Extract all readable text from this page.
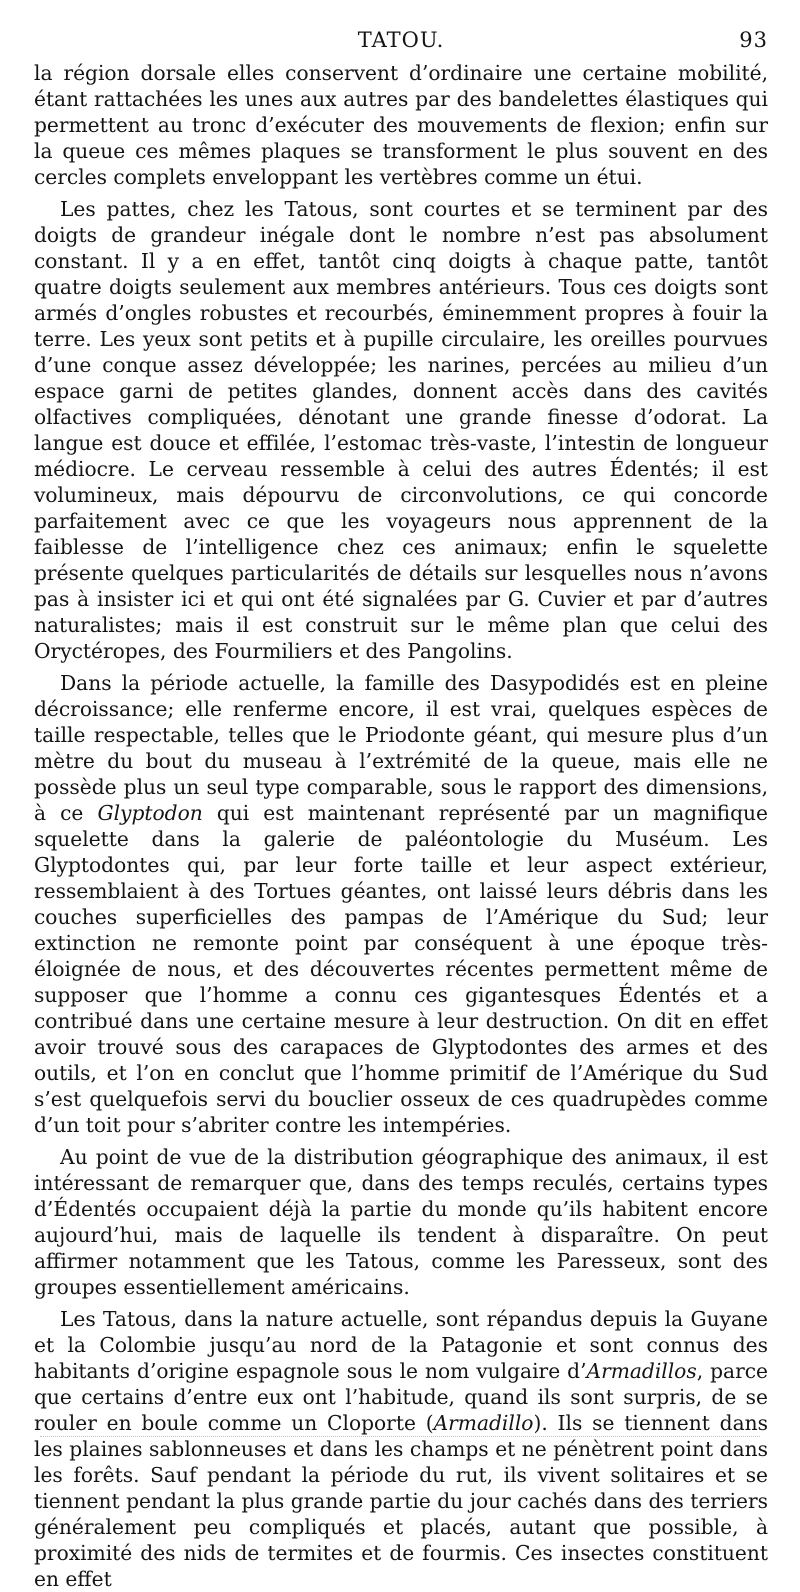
TATOU.	93

la région dorsale elles conservent d’ordinaire une certaine mobilité, étant rattachées les unes aux autres par des bandelettes élastiques qui permettent au tronc d’exécuter des mouvements de flexion; enfin sur la queue ces mêmes plaques se transforment le plus souvent en des cercles complets enveloppant les vertèbres comme un étui.

Les pattes, chez les Tatous, sont courtes et se terminent par des doigts de grandeur inégale dont le nombre n’est pas absolument constant. Il y a en effet, tantôt cinq doigts à chaque patte, tantôt quatre doigts seulement aux membres antérieurs. Tous ces doigts sont armés d’ongles robustes et recourbés, éminemment propres à fouir la terre. Les yeux sont petits et à pupille circulaire, les oreilles pourvues d’une conque assez développée; les narines, percées au milieu d’un espace garni de petites glandes, donnent accès dans des cavités olfactives compliquées, dénotant une grande finesse d’odorat. La langue est douce et effilée, l’estomac très-vaste, l’intestin de longueur médiocre. Le cerveau ressemble à celui des autres Édentés; il est volumineux, mais dépourvu de circonvolutions, ce qui concorde parfaitement avec ce que les voyageurs nous apprennent de la faiblesse de l’intelligence chez ces animaux; enfin le squelette présente quelques particularités de détails sur lesquelles nous n’avons pas à insister ici et qui ont été signalées par G. Cuvier et par d’autres naturalistes; mais il est construit sur le même plan que celui des Oryctéropes, des Fourmiliers et des Pangolins.

Dans la période actuelle, la famille des Dasypodidés est en pleine décroissance; elle renferme encore, il est vrai, quelques espèces de taille respectable, telles que le Priodonte géant, qui mesure plus d’un mètre du bout du museau à l’extrémité de la queue, mais elle ne possède plus un seul type comparable, sous le rapport des dimensions, à ce Glyptodon qui est maintenant représenté par un magnifique squelette dans la galerie de paléontologie du Muséum. Les Glyptodontes qui, par leur forte taille et leur aspect extérieur, ressemblaient à des Tortues géantes, ont laissé leurs débris dans les couches superficielles des pampas de l’Amérique du Sud; leur extinction ne remonte point par conséquent à une époque très-éloignée de nous, et des découvertes récentes permettent même de supposer que l’homme a connu ces gigantesques Édentés et a contribué dans une certaine mesure à leur destruction. On dit en effet avoir trouvé sous des carapaces de Glyptodontes des armes et des outils, et l’on en conclut que l’homme primitif de l’Amérique du Sud s’est quelquefois servi du bouclier osseux de ces quadrupèdes comme d’un toit pour s’abriter contre les intempéries.

Au point de vue de la distribution géographique des animaux, il est intéressant de remarquer que, dans des temps reculés, certains types d’Édentés occupaient déjà la partie du monde qu’ils habitent encore aujourd’hui, mais de laquelle ils tendent à disparaître. On peut affirmer notamment que les Tatous, comme les Paresseux, sont des groupes essentiellement américains.

Les Tatous, dans la nature actuelle, sont répandus depuis la Guyane et la Colombie jusqu’au nord de la Patagonie et sont connus des habitants d’origine espagnole sous le nom vulgaire d’Armadillos, parce que certains d’entre eux ont l’habitude, quand ils sont surpris, de se rouler en boule comme un Cloporte (Armadillo). Ils se tiennent dans les plaines sablonneuses et dans les champs et ne pénètrent point dans les forêts. Sauf pendant la période du rut, ils vivent solitaires et se tiennent pendant la plus grande partie du jour cachés dans des terriers généralement peu compliqués et placés, autant que possible, à proximité des nids de termites et de fourmis. Ces insectes constituent en effet
